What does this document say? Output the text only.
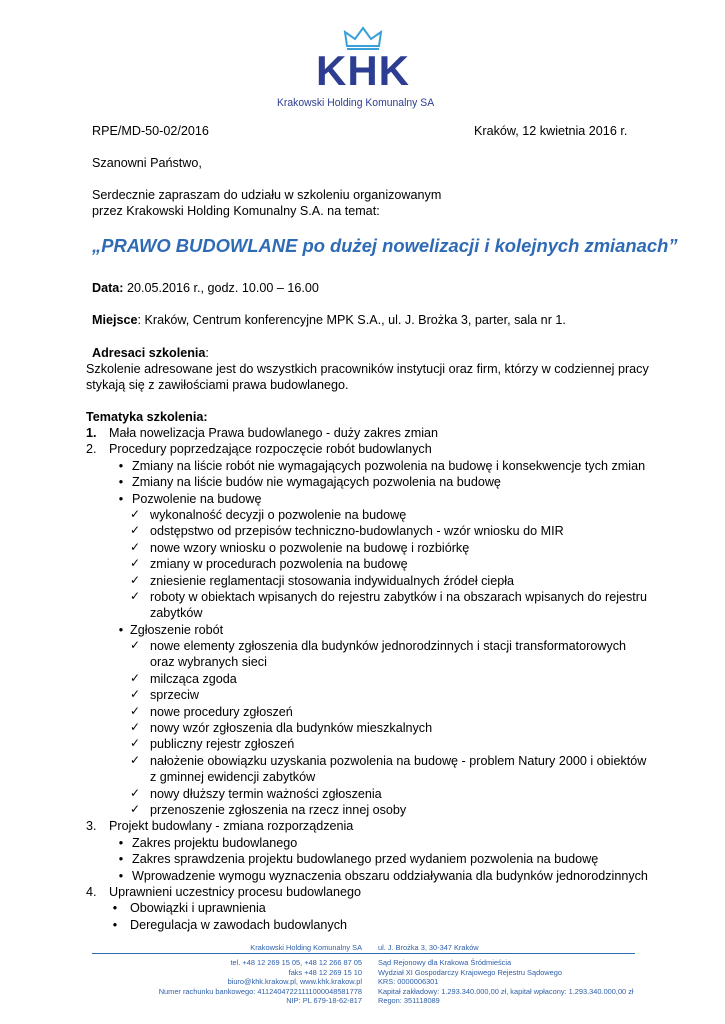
KHK
Krakowski Holding Komunalny SA
RPE/MD-50-02/2016	Kraków, 12 kwietnia 2016 r.
Szanowni Państwo,
Serdecznie zapraszam do udziału w szkoleniu organizowanym
przez Krakowski Holding Komunalny S.A. na temat:
„PRAWO BUDOWLANE po dużej nowelizacji i kolejnych zmianach”
Data: 20.05.2016 r., godz. 10.00 – 16.00
Miejsce: Kraków, Centrum konferencyjne MPK S.A., ul. J. Brożka 3, parter, sala nr 1.
Adresaci szkolenia:
Szkolenie adresowane jest do wszystkich pracowników instytucji oraz firm, którzy w codziennej pracy
stykają się z zawiłościami prawa budowlanego.
Tematyka szkolenia:
1. Mała nowelizacja Prawa budowlanego - duży zakres zmian
2. Procedury poprzedzające rozpoczęcie robót budowlanych
• Zmiany na liście robót nie wymagających pozwolenia na budowę i konsekwencje tych zmian
• Zmiany na liście budów nie wymagających pozwolenia na budowę
• Pozwolenie na budowę
✓ wykonalność decyzji o pozwolenie na budowę
✓ odstępstwo od przepisów techniczno-budowlanych - wzór wniosku do MIR
✓ nowe wzory wniosku o pozwolenie na budowę i rozbiórkę
✓ zmiany w procedurach pozwolenia na budowę
✓ zniesienie reglamentacji stosowania indywidualnych źródeł ciepła
✓ roboty w obiektach wpisanych do rejestru zabytków i na obszarach wpisanych do rejestru
zabytków
• Zgłoszenie robót
✓ nowe elementy zgłoszenia dla budynków jednorodzinnych i stacji transformatorowych
oraz wybranych sieci
✓ milcząca zgoda
✓ sprzeciw
✓ nowe procedury zgłoszeń
✓ nowy wzór zgłoszenia dla budynków mieszkalnych
✓ publiczny rejestr zgłoszeń
✓ nałożenie obowiązku uzyskania pozwolenia na budowę - problem Natury 2000 i obiektów
z gminnej ewidencji zabytków
✓ nowy dłuższy termin ważności zgłoszenia
✓ przenoszenie zgłoszenia na rzecz innej osoby
3. Projekt budowlany - zmiana rozporządzenia
• Zakres projektu budowlanego
• Zakres sprawdzenia projektu budowlanego przed wydaniem pozwolenia na budowę
• Wprowadzenie wymogu wyznaczenia obszaru oddziaływania dla budynków jednorodzinnych
4. Uprawnieni uczestnicy procesu budowlanego
• Obowiązki i uprawnienia
• Deregulacja w zawodach budowlanych
Krakowski Holding Komunalny SA ul. J. Brożka 3, 30-347 Kraków
tel. +48 12 269 15 05, +48 12 266 87 05
faks +48 12 269 15 10
biuro@khk.krakow.pl, www.khk.krakow.pl
Numer rachunku bankowego: 41124047221111000048581778
NIP: PL 679-18-62-817
Sąd Rejonowy dla Krakowa Śródmieścia
Wydział XI Gospodarczy Krajowego Rejestru Sądowego
KRS: 0000006301
Kapitał zakładowy: 1.293.340.000,00 zł, kapitał wpłacony: 1.293.340.000,00 zł
Regon: 351118089
